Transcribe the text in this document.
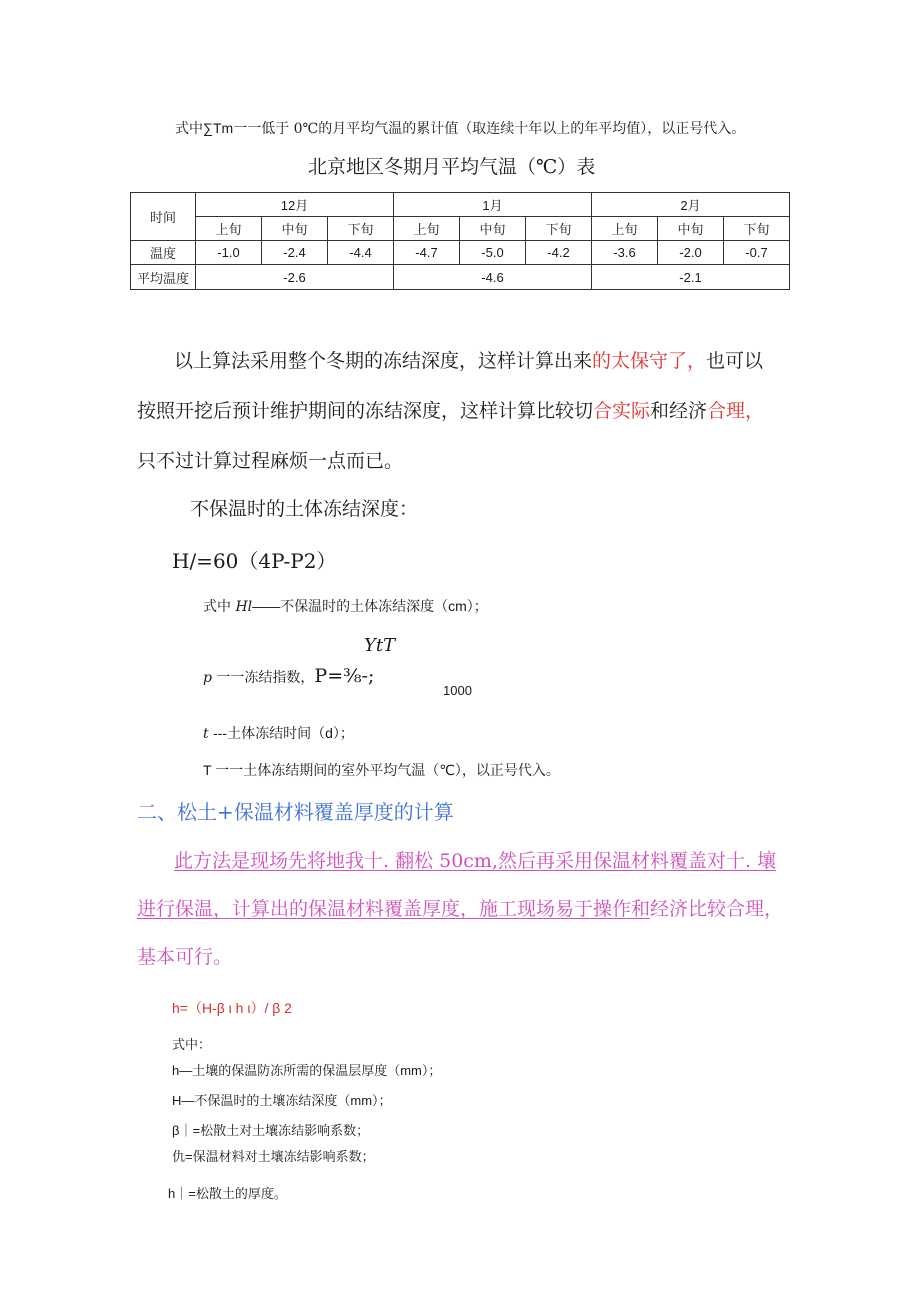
式中∑Tm一一低于 0℃的月平均气温的累计值（取连续十年以上的年平均值），以正号代入。
北京地区冬期月平均气温（℃）表
时间	12月			1月			2月		
	上旬	中旬	下旬	上旬	中旬	下旬	上旬	中旬	下旬
温度	-1.0	-2.4	-4.4	-4.7	-5.0	-4.2	-3.6	-2.0	-0.7
平均温度	-2.6			-4.6			-2.1		
以上算法采用整个冬期的冻结深度，这样计算出来的太保守了，也可以
按照开挖后预计维护期间的冻结深度，这样计算比较切合实际和经济合理，
只不过计算过程麻烦一点而已。
不保温时的土体冻结深度：
H∕=60（4P-P2）
式中 Hl——不保温时的土体冻结深度（cm）；
YtT
p 一一冻结指数，P=⅜-;
1000
t ---土体冻结时间（d）；
T 一一土体冻结期间的室外平均气温（℃），以正号代入。
二、松土+保温材料覆盖厚度的计算
此方法是现场先将地我十. 翻松 50cm,然后再采用保温材料覆盖对十. 壤
进行保温，计算出的保温材料覆盖厚度，施工现场易于操作和经济比较合理，
基本可行。
h=（H-β ι h ι）/ β 2
式中：
h—土壤的保温防冻所需的保温层厚度（mm）；
H—不保温时的土壤冻结深度（mm）；
β｜=松散土对土壤冻结影响系数；
仇=保温材料对土壤冻结影响系数；
h｜=松散土的厚度。
